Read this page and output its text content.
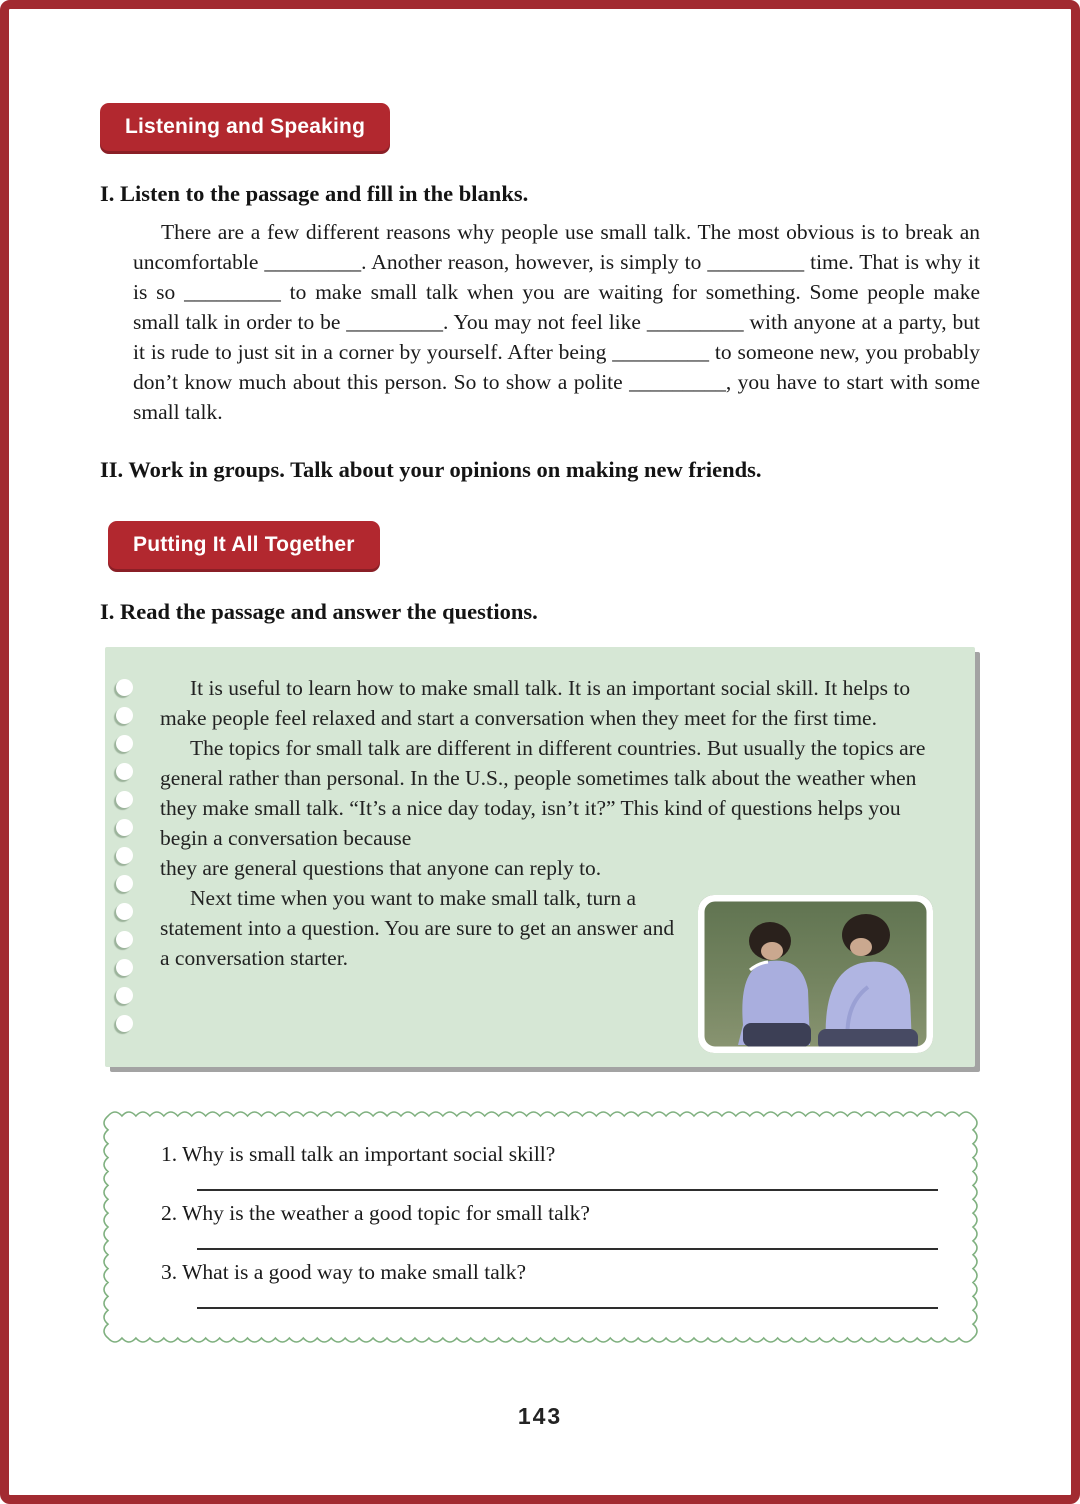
Listening and Speaking
I. Listen to the passage and fill in the blanks.

There are a few different reasons why people use small talk. The most obvious is to break an uncomfortable _________. Another reason, however, is simply to _________ time. That is why it is so _________ to make small talk when you are waiting for something. Some people make small talk in order to be _________. You may not feel like _________ with anyone at a party, but it is rude to just sit in a corner by yourself. After being _________ to someone new, you probably don’t know much about this person. So to show a polite _________, you have to start with some small talk.

II. Work in groups. Talk about your opinions on making new friends.
Putting It All Together
I. Read the passage and answer the questions.

It is useful to learn how to make small talk. It is an important social skill. It helps to make people feel relaxed and start a conversation when they meet for the first time.

The topics for small talk are different in different countries. But usually the topics are general rather than personal. In the U.S., people sometimes talk about the weather when they make small talk. “It’s a nice day today, isn’t it?” This kind of questions helps you begin a conversation because

they are general questions that anyone can reply to.

Next time when you want to make small talk, turn a statement into a question. You are sure to get an answer and a conversation starter.

1. Why is small talk an important social skill?

2. Why is the weather a good topic for small talk?

3. What is a good way to make small talk?

143
